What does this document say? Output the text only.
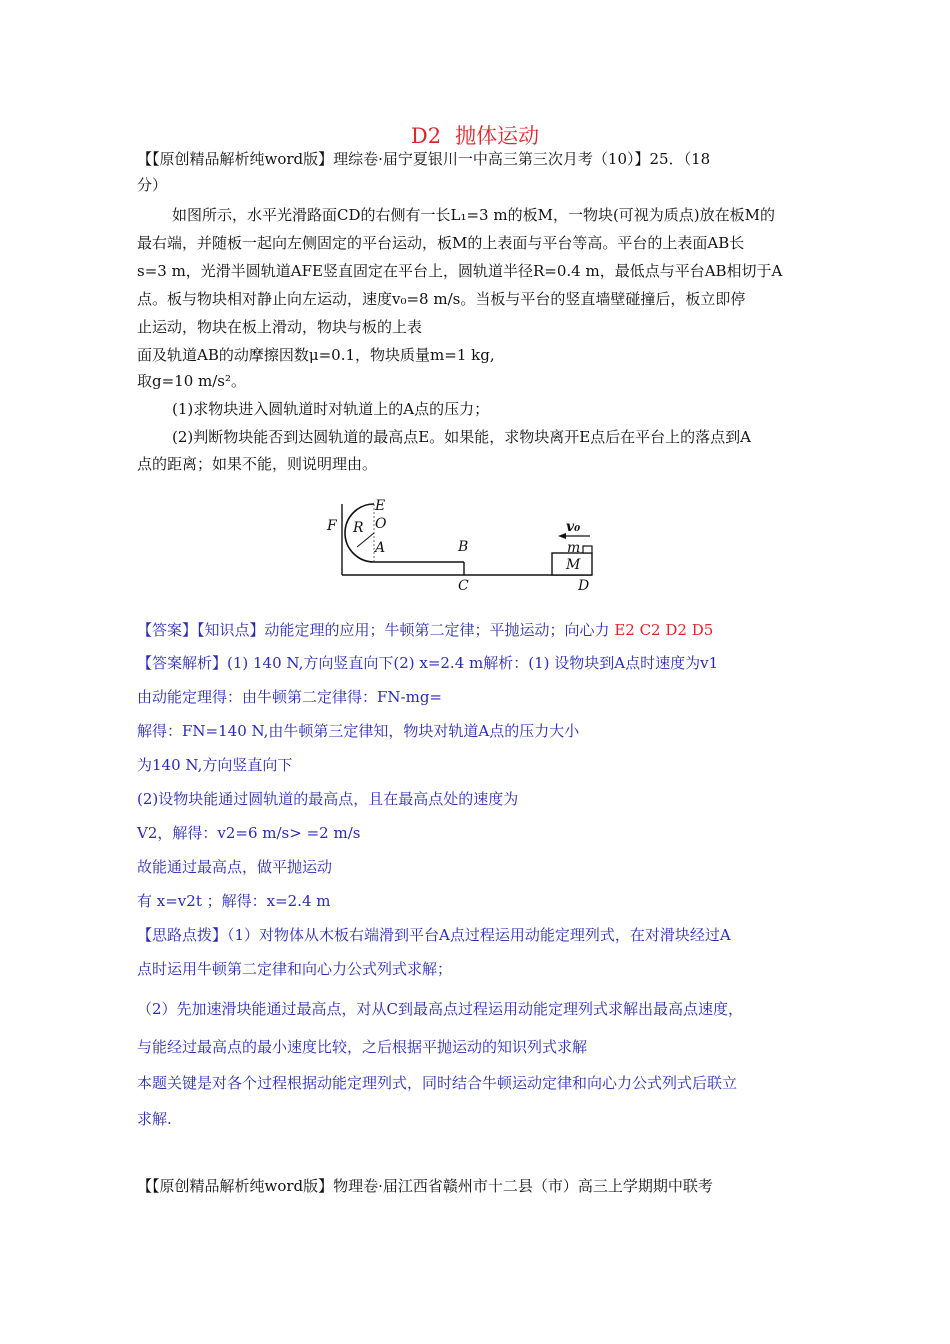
D2 抛体运动
【【原创精品解析纯word版】理综卷·届宁夏银川一中高三第三次月考（10）】25．（18
分）
如图所示，水平光滑路面CD的右侧有一长L₁=3 m的板M，一物块(可视为质点)放在板M的
最右端，并随板一起向左侧固定的平台运动，板M的上表面与平台等高。平台的上表面AB长
s=3 m，光滑半圆轨道AFE竖直固定在平台上，圆轨道半径R=0.4 m，最低点与平台AB相切于A
点。板与物块相对静止向左运动，速度v₀=8 m/s。当板与平台的竖直墙壁碰撞后，板立即停
止运动，物块在板上滑动，物块与板的上表
面及轨道AB的动摩擦因数μ=0.1，物块质量m=1 kg,
取g=10 m/s²。
(1)求物块进入圆轨道时对轨道上的A点的压力；
(2)判断物块能否到达圆轨道的最高点E。如果能，求物块离开E点后在平台上的落点到A
点的距离；如果不能，则说明理由。
E
O
F R
A	B
C	D
v₀
m
M
【答案】【知识点】动能定理的应用；牛顿第二定律；平抛运动；向心力 E2 C2 D2 D5
【答案解析】(1) 140 N,方向竖直向下(2) x=2.4 m解析：(1) 设物块到A点时速度为v1
由动能定理得：由牛顿第二定律得：FN-mg=
解得：FN=140 N,由牛顿第三定律知，物块对轨道A点的压力大小
为140 N,方向竖直向下
(2)设物块能通过圆轨道的最高点，且在最高点处的速度为
V2，解得：v2=6 m/s> =2 m/s
故能通过最高点，做平抛运动
有 x=v2t ；解得：x=2.4 m
【思路点拨】（1）对物体从木板右端滑到平台A点过程运用动能定理列式，在对滑块经过A
点时运用牛顿第二定律和向心力公式列式求解；
（2）先加速滑块能通过最高点，对从C到最高点过程运用动能定理列式求解出最高点速度，
与能经过最高点的最小速度比较，之后根据平抛运动的知识列式求解
本题关键是对各个过程根据动能定理列式，同时结合牛顿运动定律和向心力公式列式后联立
求解.
【【原创精品解析纯word版】物理卷·届江西省赣州市十二县（市）高三上学期期中联考
